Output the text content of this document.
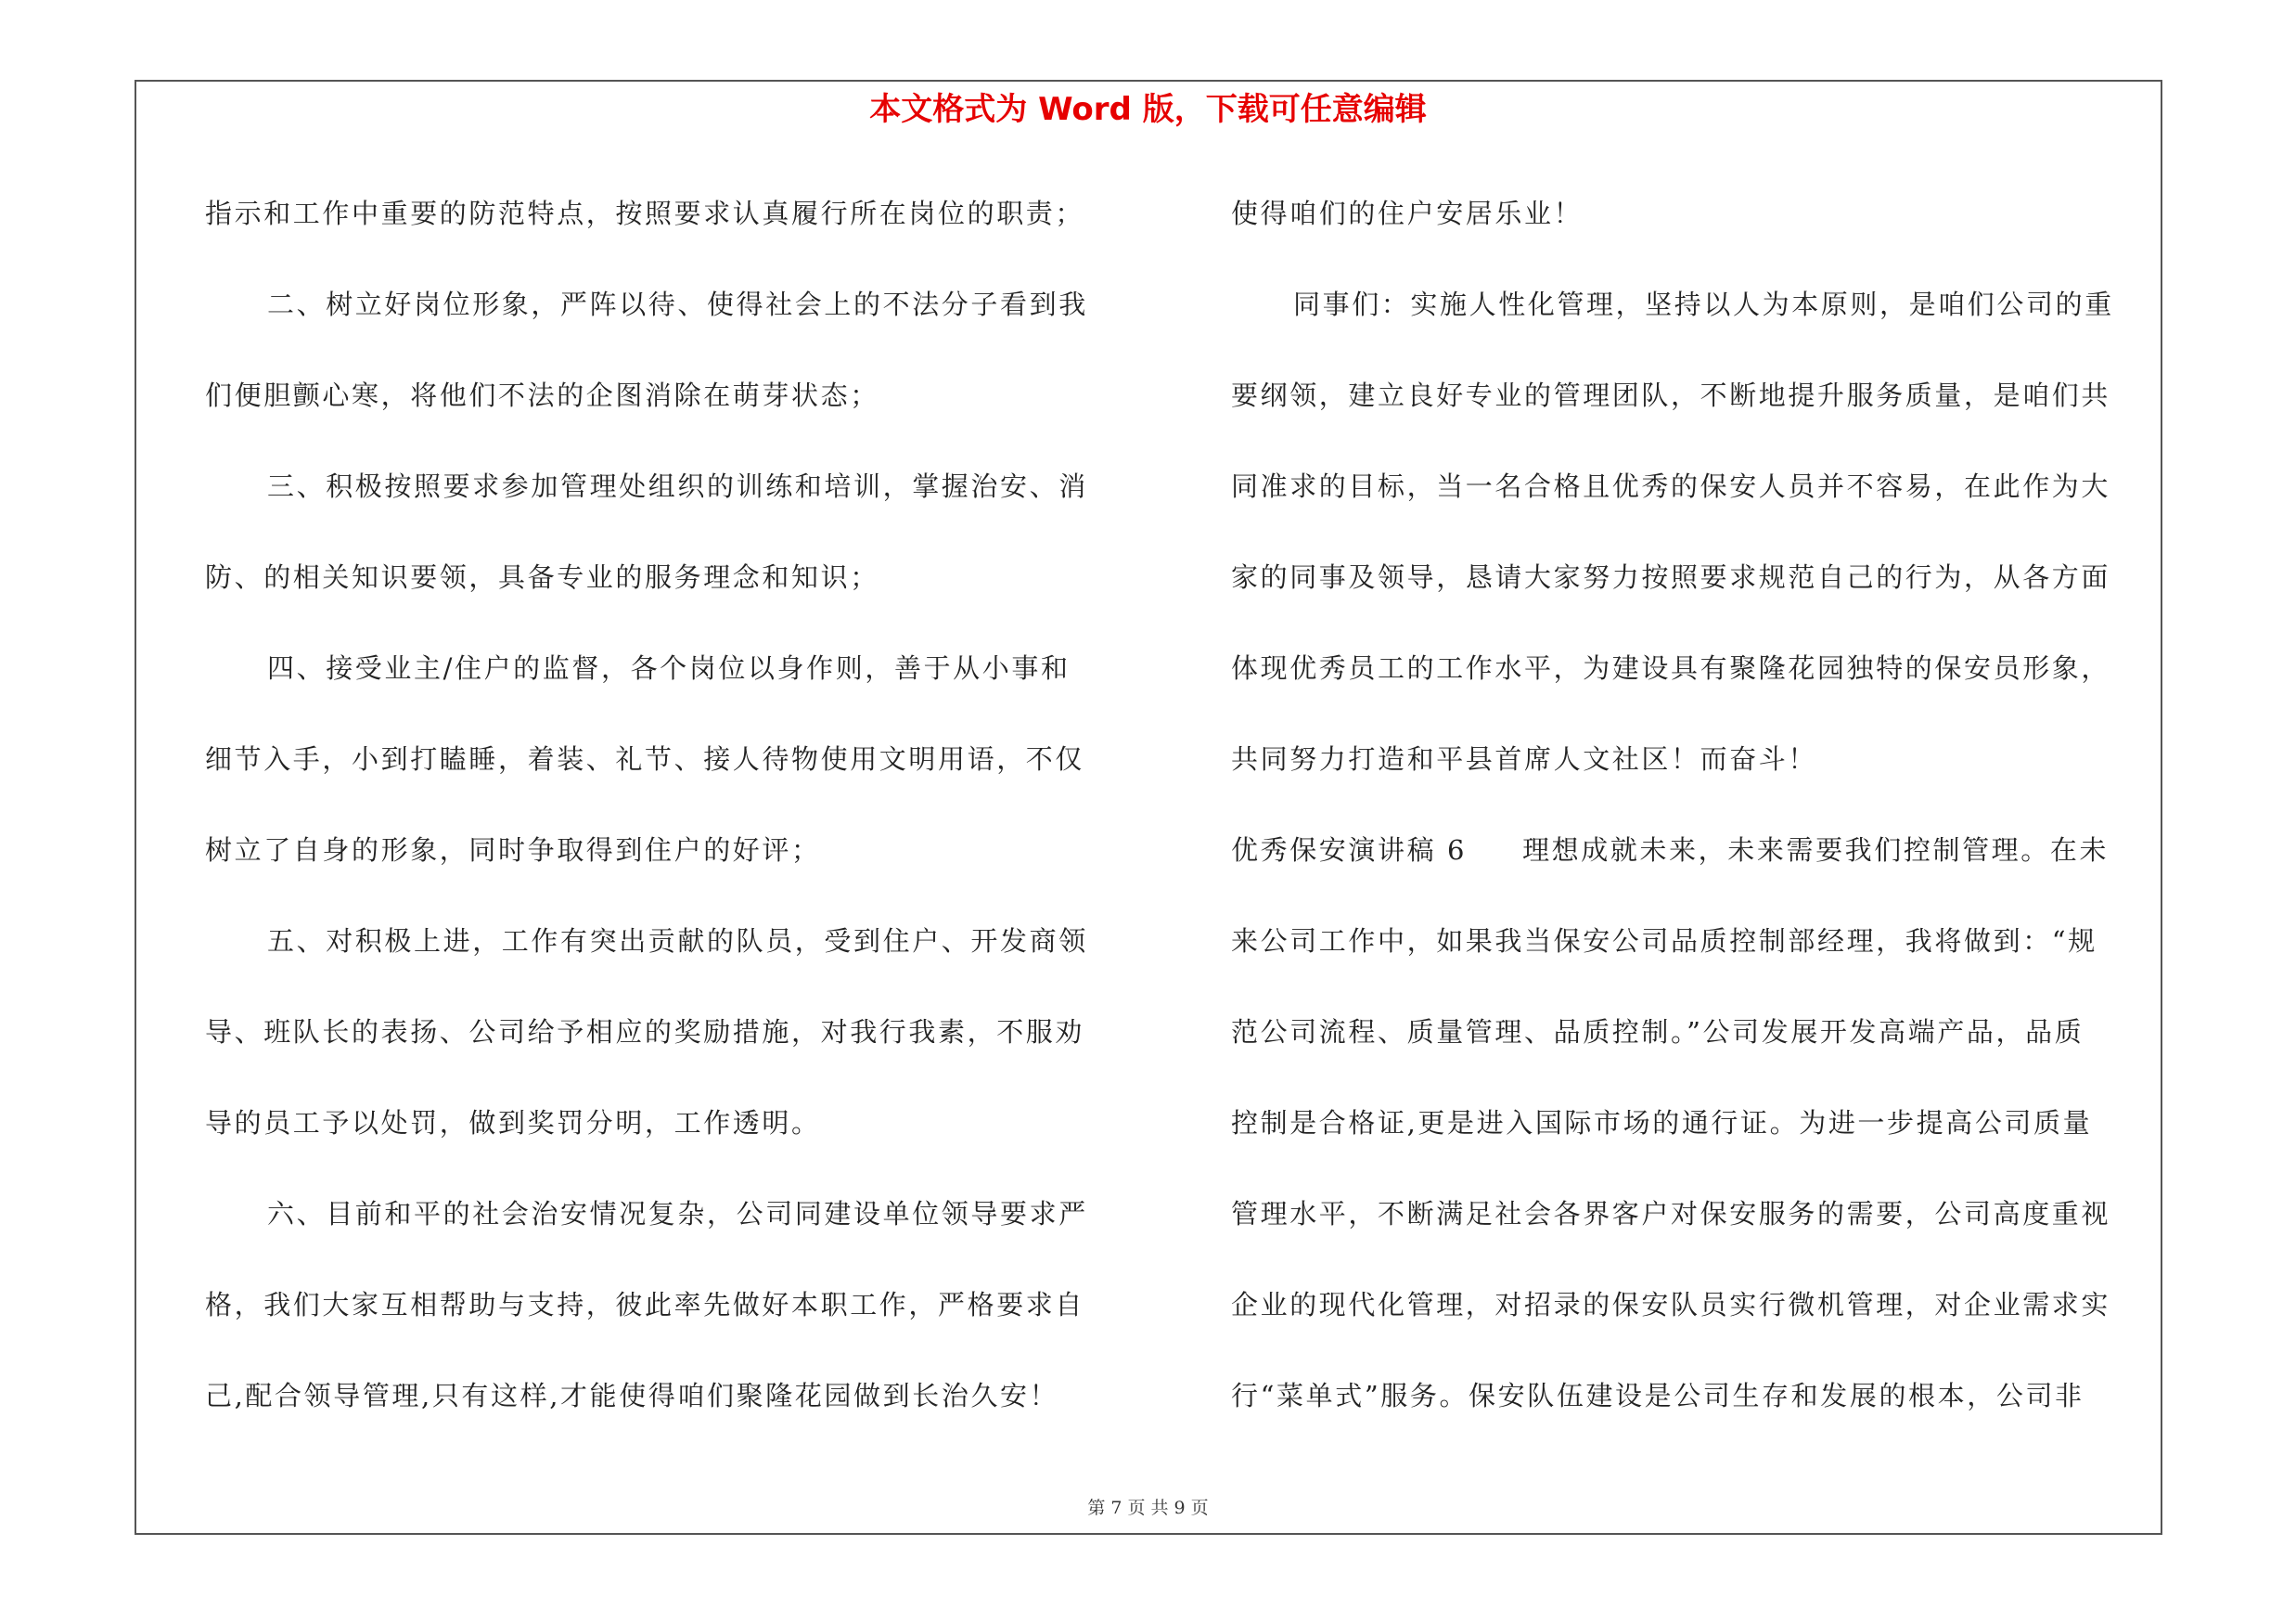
本文格式为 Word 版，下载可任意编辑
指示和工作中重要的防范特点，按照要求认真履行所在岗位的职责；
二、树立好岗位形象，严阵以待、使得社会上的不法分子看到我
们便胆颤心寒，将他们不法的企图消除在萌芽状态；
三、积极按照要求参加管理处组织的训练和培训，掌握治安、消
防、的相关知识要领，具备专业的服务理念和知识；
四、接受业主/住户的监督，各个岗位以身作则，善于从小事和
细节入手，小到打瞌睡，着装、礼节、接人待物使用文明用语，不仅
树立了自身的形象，同时争取得到住户的好评；
五、对积极上进，工作有突出贡献的队员，受到住户、开发商领
导、班队长的表扬、公司给予相应的奖励措施，对我行我素，不服劝
导的员工予以处罚，做到奖罚分明，工作透明。
六、目前和平的社会治安情况复杂，公司同建设单位领导要求严
格，我们大家互相帮助与支持，彼此率先做好本职工作，严格要求自
己,配合领导管理,只有这样,才能使得咱们聚隆花园做到长治久安！
使得咱们的住户安居乐业！
同事们：实施人性化管理，坚持以人为本原则，是咱们公司的重
要纲领，建立良好专业的管理团队，不断地提升服务质量，是咱们共
同准求的目标，当一名合格且优秀的保安人员并不容易，在此作为大
家的同事及领导，恳请大家努力按照要求规范自己的行为，从各方面
体现优秀员工的工作水平，为建设具有聚隆花园独特的保安员形象，
共同努力打造和平县首席人文社区！而奋斗！
优秀保安演讲稿 6 理想成就未来，未来需要我们控制管理。在未
来公司工作中，如果我当保安公司品质控制部经理，我将做到：“规
范公司流程、质量管理、品质控制。”公司发展开发高端产品，品质
控制是合格证,更是进入国际市场的通行证。为进一步提高公司质量
管理水平，不断满足社会各界客户对保安服务的需要，公司高度重视
企业的现代化管理，对招录的保安队员实行微机管理，对企业需求实
行“菜单式”服务。保安队伍建设是公司生存和发展的根本，公司非
第 7 页 共 9 页
